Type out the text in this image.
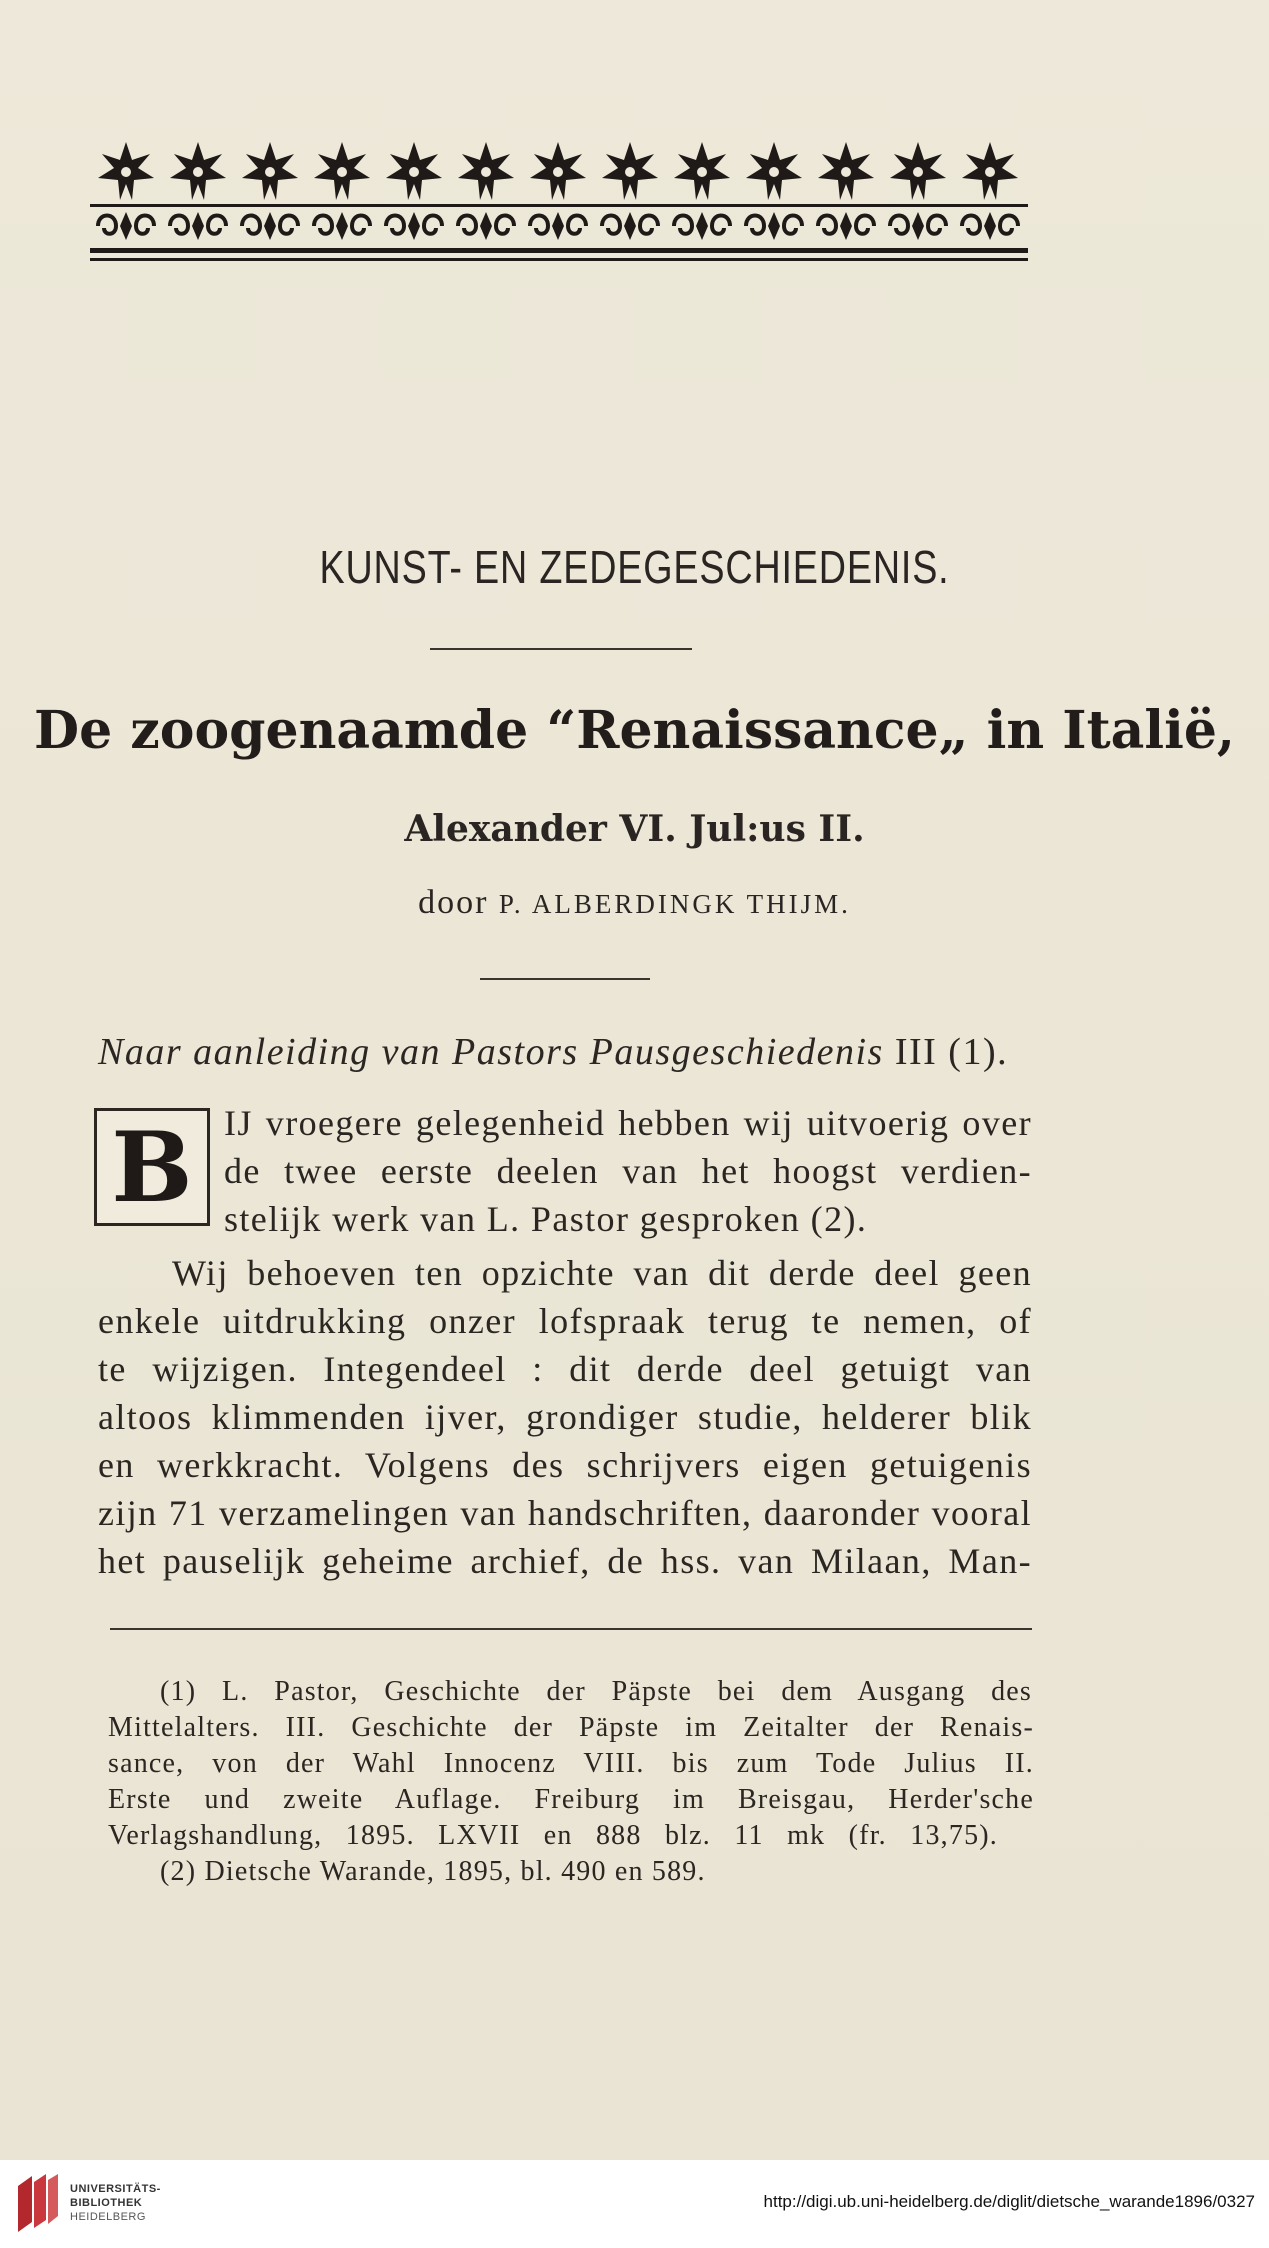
KUNST- EN ZEDEGESCHIEDENIS.
De zoogenaamde “Renaissance„ in Italië,
Alexander VI. Jul:us II.
door P. ALBERDINGK THIJM.
Naar aanleiding van Pastors Pausgeschiedenis III (1).
B IJ vroegere gelegenheid hebben wij uitvoerig over
de twee eerste deelen van het hoogst verdien-
stelijk werk van L. Pastor gesproken (2).
Wij behoeven ten opzichte van dit derde deel geen
enkele uitdrukking onzer lofspraak terug te nemen, of
te wijzigen. Integendeel : dit derde deel getuigt van
altoos klimmenden ijver, grondiger studie, helderer blik
en werkkracht. Volgens des schrijvers eigen getuigenis
zijn 71 verzamelingen van handschriften, daaronder vooral
het pauselijk geheime archief, de hss. van Milaan, Man-
(1) L. Pastor, Geschichte der Päpste bei dem Ausgang des
Mittelalters. III. Geschichte der Päpste im Zeitalter der Renais-
sance, von der Wahl Innocenz VIII. bis zum Tode Julius II.
Erste und zweite Auflage. Freiburg im Breisgau, Herder'sche
Verlagshandlung, 1895. LXVII en 888 blz. 11 mk (fr. 13,75).
(2) Dietsche Warande, 1895, bl. 490 en 589.
UNIVERSITÄTS-
BIBLIOTHEK
HEIDELBERG
http://digi.ub.uni-heidelberg.de/diglit/dietsche_warande1896/0327
